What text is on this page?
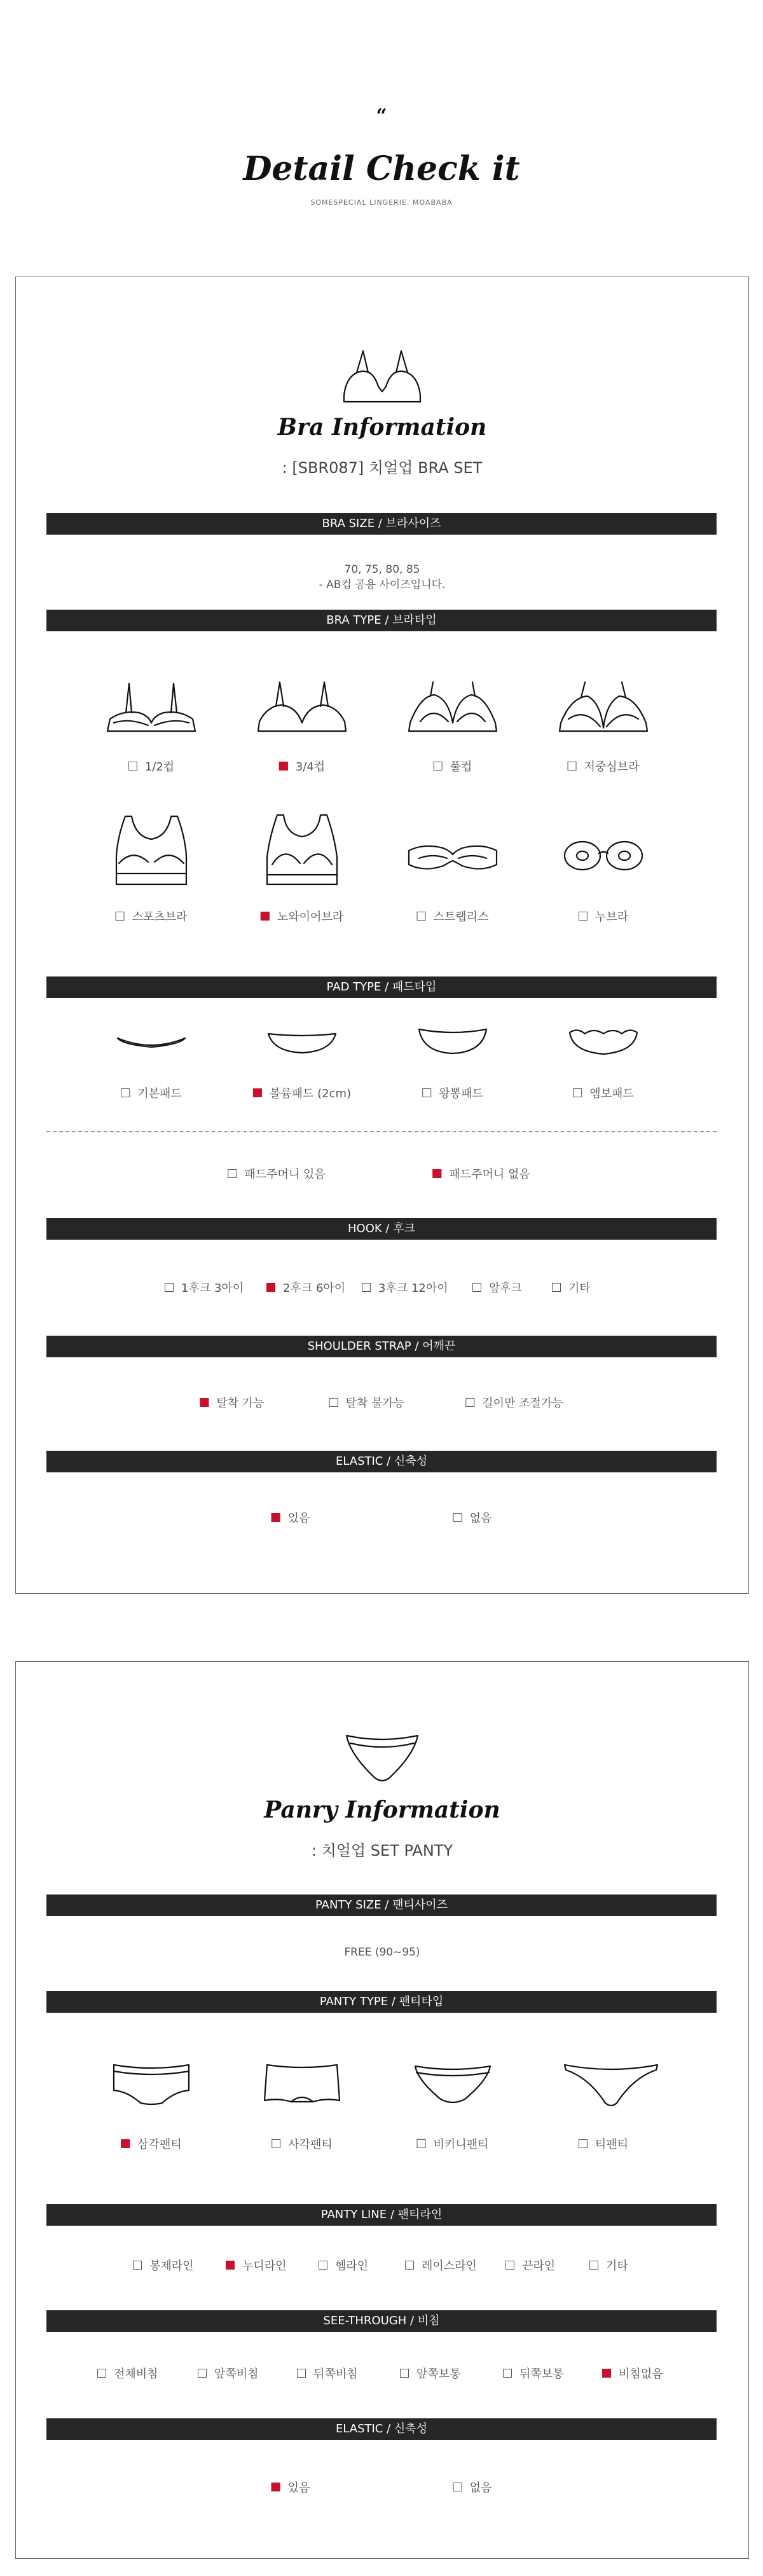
“
Detail Check it
SOMESPECIAL LINGERIE, MOABABA
Bra Information
: [SBR087] 치얼업 BRA SET
BRA SIZE / 브라사이즈
70, 75, 80, 85
- AB컵 공용 사이즈입니다.
BRA TYPE / 브라타입
1/2컵	3/4컵	풀컵	저중심브라
스포츠브라	노와이어브라	스트랩리스	누브라
PAD TYPE / 패드타입
기본패드	볼륨패드 (2cm)	왕뽕패드	엠보패드
패드주머니 있음	패드주머니 없음
HOOK / 후크
1후크 3아이	2후크 6아이	3후크 12아이	앞후크	기타
SHOULDER STRAP / 어깨끈
탈착 가능	탈착 불가능	길이만 조절가능
ELASTIC / 신축성
있음	없음
Panry Information
: 치얼업 SET PANTY
PANTY SIZE / 팬티사이즈
FREE (90~95)
PANTY TYPE / 팬티타입
삼각팬티	사각팬티	비키니팬티	티팬티
PANTY LINE / 팬티라인
봉제라인	누디라인	헴라인	레이스라인	끈라인	기타
SEE-THROUGH / 비침
전체비침	앞쪽비침	뒤쪽비침	앞쪽보통	뒤쪽보통	비침없음
ELASTIC / 신축성
있음	없음
